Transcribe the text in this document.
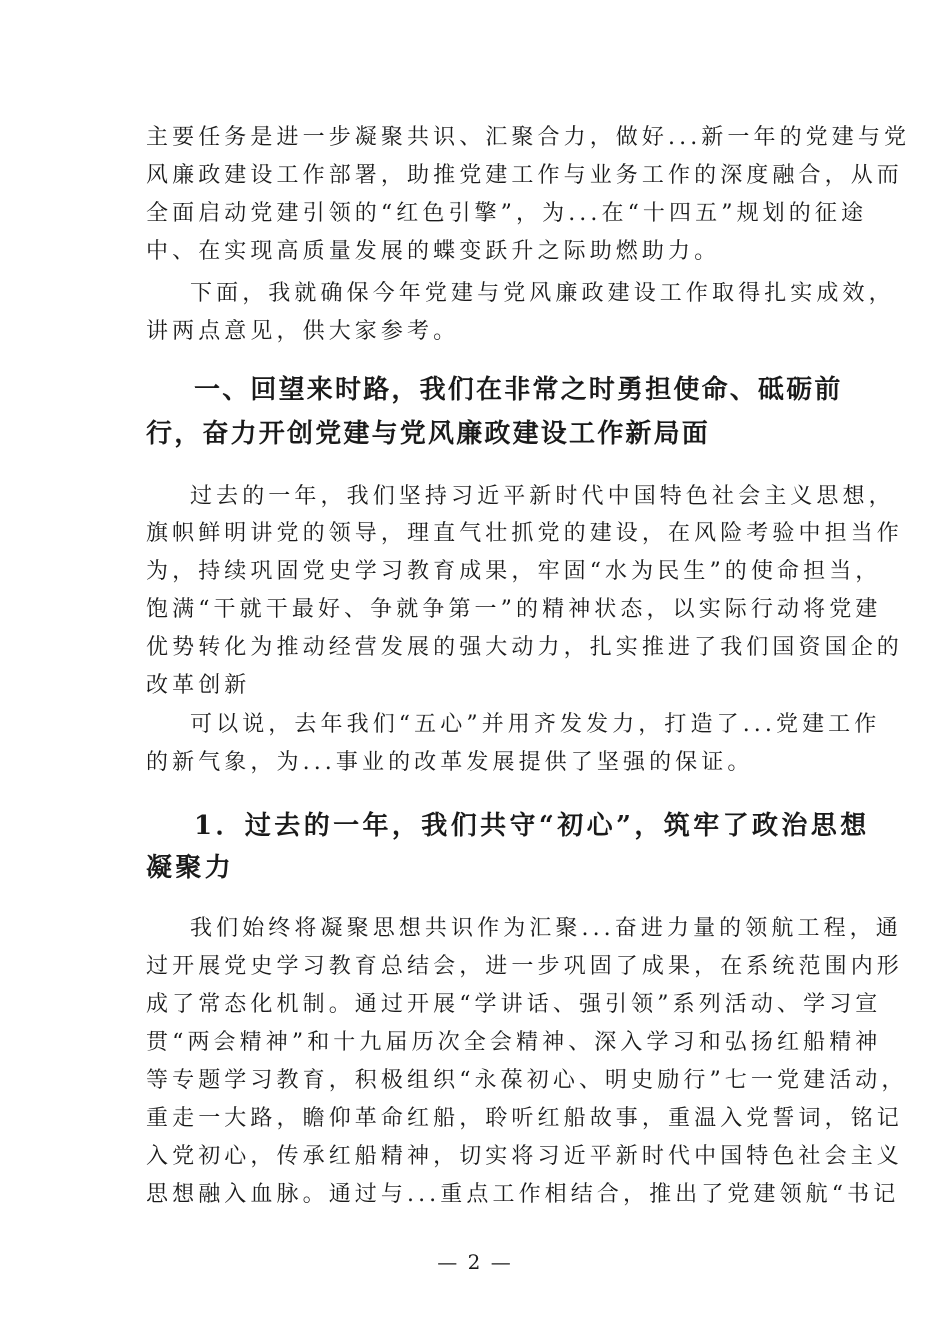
主要任务是进一步凝聚共识、汇聚合力，做好...新一年的党建与党
风廉政建设工作部署，助推党建工作与业务工作的深度融合，从而
全面启动党建引领的“红色引擎”，为...在“十四五”规划的征途
中、在实现高质量发展的蝶变跃升之际助燃助力。
下面，我就确保今年党建与党风廉政建设工作取得扎实成效，
讲两点意见，供大家参考。
一、回望来时路，我们在非常之时勇担使命、砥砺前
行，奋力开创党建与党风廉政建设工作新局面
过去的一年，我们坚持习近平新时代中国特色社会主义思想，
旗帜鲜明讲党的领导，理直气壮抓党的建设，在风险考验中担当作
为，持续巩固党史学习教育成果，牢固“水为民生”的使命担当，
饱满“干就干最好、争就争第一”的精神状态，以实际行动将党建
优势转化为推动经营发展的强大动力，扎实推进了我们国资国企的
改革创新
可以说，去年我们“五心”并用齐发发力，打造了...党建工作
的新气象，为...事业的改革发展提供了坚强的保证。
1．过去的一年，我们共守“初心”，筑牢了政治思想
凝聚力
我们始终将凝聚思想共识作为汇聚...奋进力量的领航工程，通
过开展党史学习教育总结会，进一步巩固了成果，在系统范围内形
成了常态化机制。通过开展“学讲话、强引领”系列活动、学习宣
贯“两会精神”和十九届历次全会精神、深入学习和弘扬红船精神
等专题学习教育，积极组织“永葆初心、明史励行”七一党建活动，
重走一大路，瞻仰革命红船，聆听红船故事，重温入党誓词，铭记
入党初心，传承红船精神，切实将习近平新时代中国特色社会主义
思想融入血脉。通过与...重点工作相结合，推出了党建领航“书记
— 2 —
